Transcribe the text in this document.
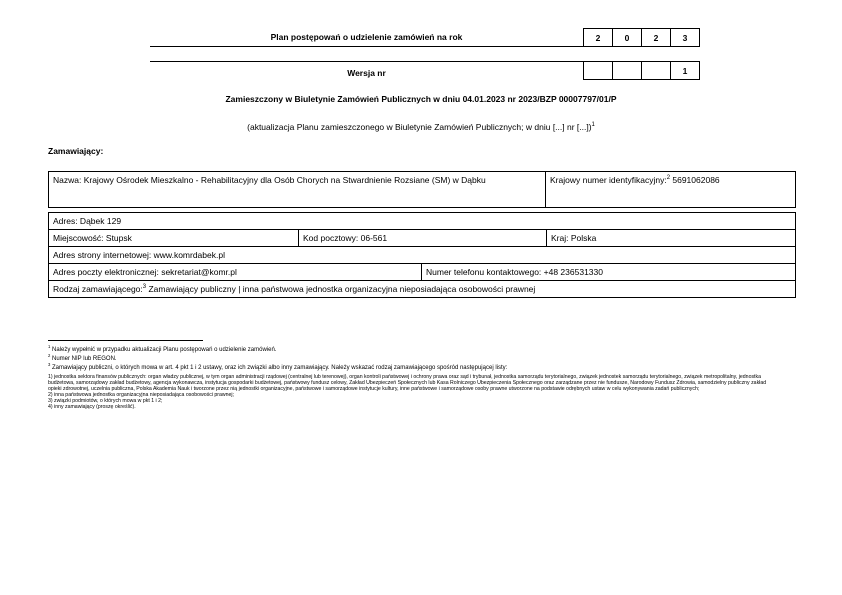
Plan postępowań o udzielenie zamówień na rok	2	0	2	3
Wersja nr	1
Zamieszczony w Biuletynie Zamówień Publicznych w dniu 04.01.2023 nr 2023/BZP 00007797/01/P
(aktualizacja Planu zamieszczonego w Biuletynie Zamówień Publicznych; w dniu [...] nr [...])$^1$
Zamawiający:
Nazwa: Krajowy Ośrodek Mieszkalno - Rehabilitacyjny dla Osób Chorych na Stwardnienie Rozsiane (SM) w Dąbku	Krajowy numer identyfikacyjny:$^2$ 5691062086
Adres: Dąbek 129			
Miejscowość: Stupsk	Kod pocztowy: 06-561		Kraj: Polska
Adres strony internetowej: www.komrdabek.pl			
Adres poczty elektronicznej: sekretariat@komr.pl		Numer telefonu kontaktowego: +48 236531330	
Rodzaj zamawiającego:$^3$ Zamawiający publiczny | inna państwowa jednostka organizacyjna nieposiadająca osobowości prawnej			
$^1$ Należy wypełnić w przypadku aktualizacji Planu postępowań o udzielenie zamówień.
$^2$ Numer NIP lub REGON.
$^3$ Zamawiający publiczni, o których mowa w art. 4 pkt 1 i 2 ustawy, oraz ich związki albo inny zamawiający. Należy wskazać rodzaj zamawiającego spośród następującej listy:
1) jednostka sektora finansów publicznych: organ władzy publicznej, w tym organ administracji rządowej (centralnej lub terenowej), organ kontroli państwowej i ochrony prawa oraz sąd i trybunał, jednostka samorządu terytorialnego, związek jednostek samorządu terytorialnego, związek metropolitalny, jednostka
budżetowa, samorządowy zakład budżetowy, agencja wykonawcza, instytucja gospodarki budżetowej, państwowy fundusz celowy, Zakład Ubezpieczeń Społecznych lub Kasa Rolniczego Ubezpieczenia Społecznego oraz zarządzane przez nie fundusze, Narodowy Fundusz Zdrowia, samodzielny publiczny zakład
opieki zdrowotnej, uczelnia publiczna, Polska Akademia Nauk i tworzone przez nią jednostki organizacyjne, państwowe i samorządowe instytucje kultury, inne państwowe i samorządowe osoby prawne utworzone na podstawie odrębnych ustaw w celu wykonywania zadań publicznych;
2) inna państwowa jednostka organizacyjna nieposiadająca osobowości prawnej;
3) związki podmiotów, o których mowa w pkt 1 i 2;
4) inny zamawiający (proszę określić).
